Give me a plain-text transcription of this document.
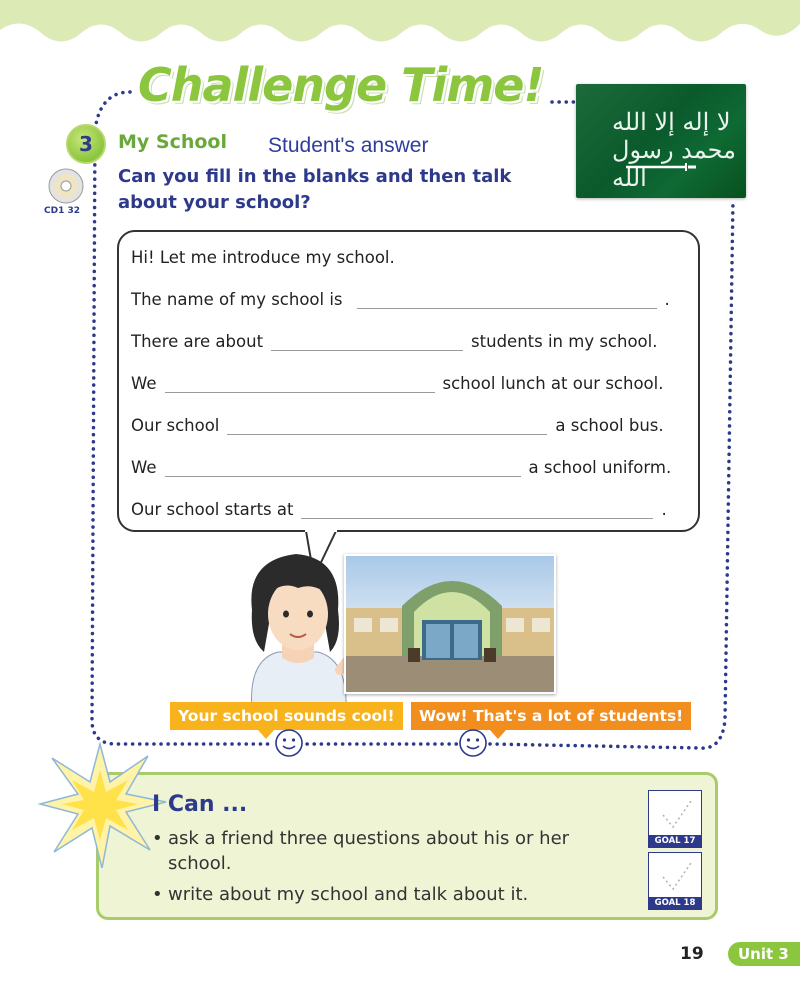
Challenge Time!
لا إله إلا الله محمد رسول الله
3
CD1 32
My School Student's answer
Can you fill in the blanks and then talk
about your school?
Hi! Let me introduce my school.
The name of my school is	.
There are about	students in my school.
We	school lunch at our school.
Our school	a school bus.
We	a school uniform.
Our school starts at	.
Your school sounds cool!	Wow! That's a lot of students!
I Can ...
• ask a friend three questions about his or her
school.
• write about my school and talk about it.
GOAL 17
GOAL 18
19	Unit 3
